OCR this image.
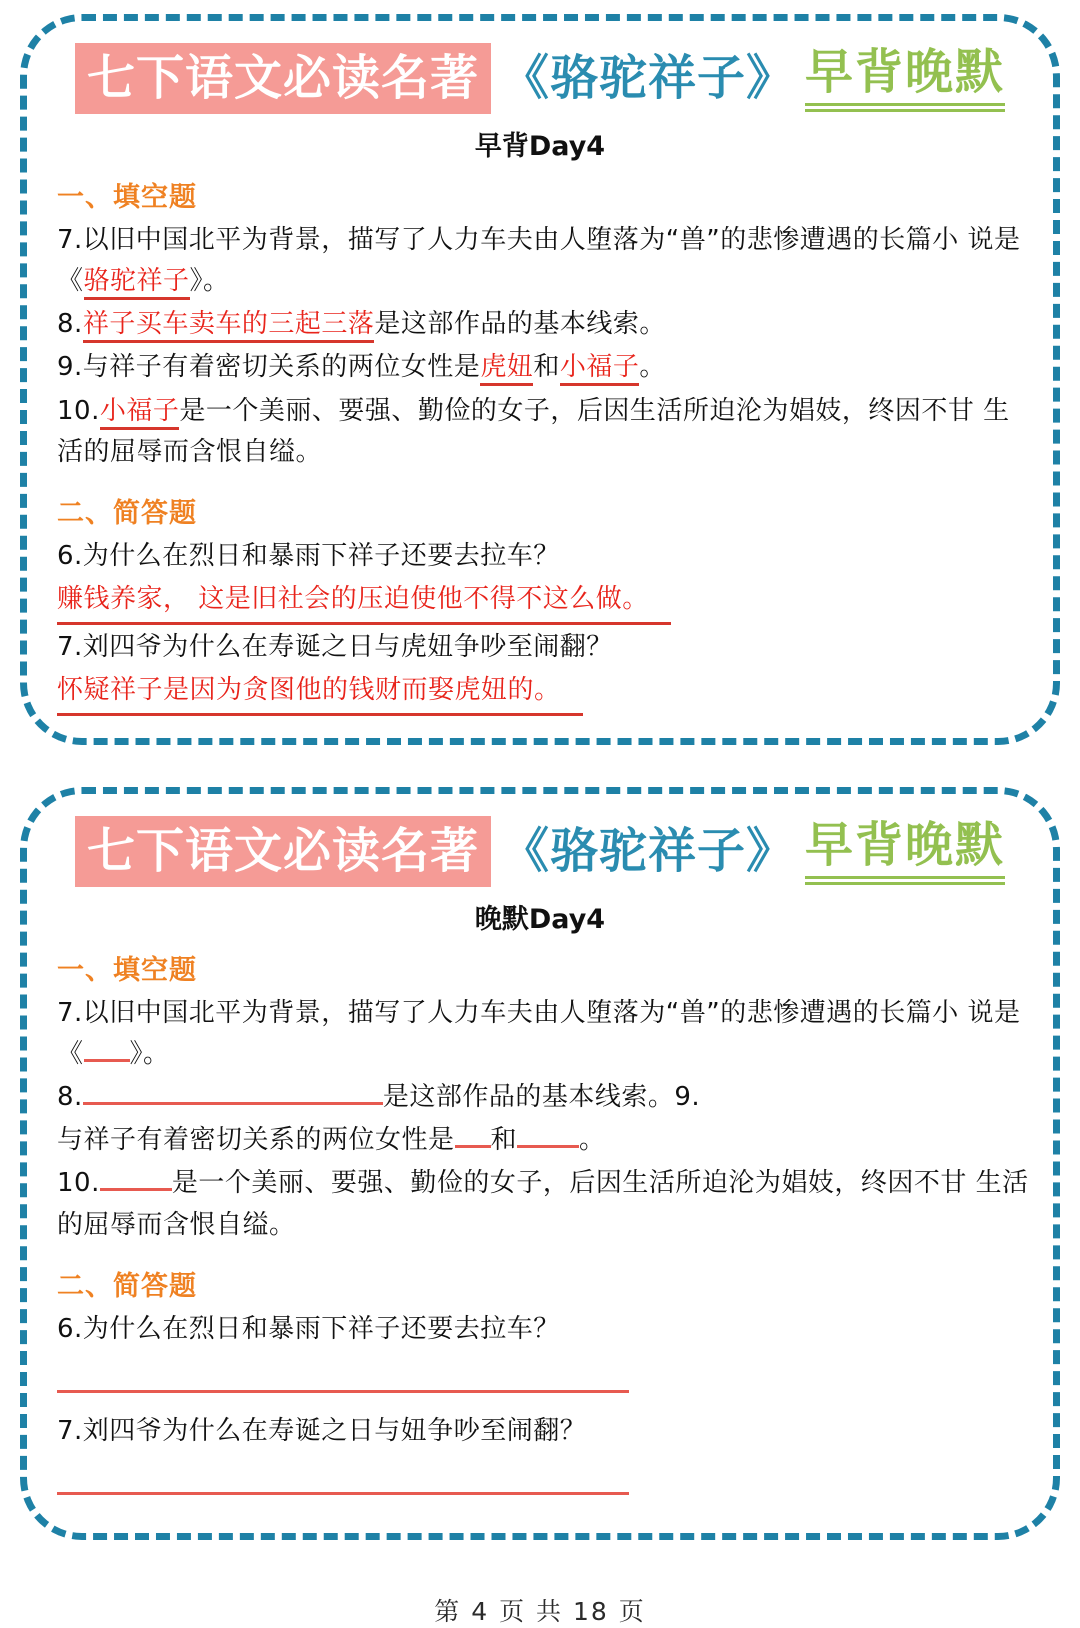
七下语文必读名著 《骆驼祥子》 早背晚默
早背Day4
一、填空题

7.以旧中国北平为背景，描写了人力车夫由人堕落为“兽”的悲惨遭遇的长篇小 说是《骆驼祥子》。

8.祥子买车卖车的三起三落是这部作品的基本线索。

9.与祥子有着密切关系的两位女性是虎妞和小福子。

10.小福子是一个美丽、要强、勤俭的女子，后因生活所迫沦为娼妓，终因不甘 生活的屈辱而含恨自缢。

二、简答题

6.为什么在烈日和暴雨下祥子还要去拉车？

赚钱养家， 这是旧社会的压迫使他不得不这么做。

7.刘四爷为什么在寿诞之日与虎妞争吵至闹翻？

怀疑祥子是因为贪图他的钱财而娶虎妞的。

七下语文必读名著 《骆驼祥子》 早背晚默
晚默Day4
一、填空题

7.以旧中国北平为背景，描写了人力车夫由人堕落为“兽”的悲惨遭遇的长篇小 说是《 》。

8.	是这部作品的基本线索。9.

与祥子有着密切关系的两位女性是 和 。

10.	是一个美丽、要强、勤俭的女子，后因生活所迫沦为娼妓，终因不甘 生活的屈辱而含恨自缢。

二、简答题

6.为什么在烈日和暴雨下祥子还要去拉车？

7.刘四爷为什么在寿诞之日与妞争吵至闹翻？

第 4 页 共 18 页
